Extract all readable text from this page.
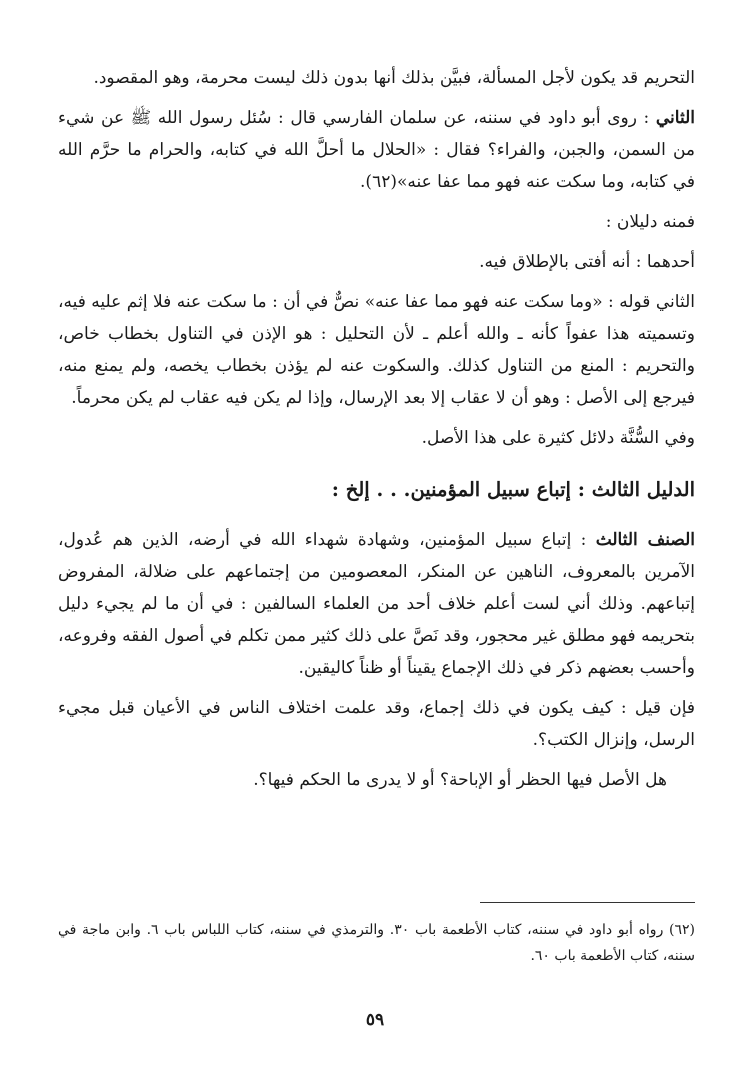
التحريم قد يكون لأجل المسألة، فبيَّن بذلك أنها بدون ذلك ليست محرمة، وهو المقصود.

الثاني : روى أبو داود في سننه، عن سلمان الفارسي قال : سُئل رسول الله ﷺ عن شيء من السمن، والجبن، والفراء؟ فقال : «الحلال ما أحلَّ الله في كتابه، والحرام ما حرَّم الله في كتابه، وما سكت عنه فهو مما عفا عنه»(٦٢).

فمنه دليلان :

أحدهما : أنه أفتى بالإطلاق فيه.

الثاني قوله : «وما سكت عنه فهو مما عفا عنه» نصٌّ في أن : ما سكت عنه فلا إثم عليه فيه، وتسميته هذا عفواً كأنه ـ والله أعلم ـ لأن التحليل : هو الإذن في التناول بخطاب خاص، والتحريم : المنع من التناول كذلك. والسكوت عنه لم يؤذن بخطاب يخصه، ولم يمنع منه، فيرجع إلى الأصل : وهو أن لا عقاب إلا بعد الإرسال، وإذا لم يكن فيه عقاب لم يكن محرماً.

وفي السُّنَّة دلائل كثيرة على هذا الأصل.

الدليل الثالث : إتباع سبيل المؤمنين. . . إلخ :

الصنف الثالث : إتباع سبيل المؤمنين، وشهادة شهداء الله في أرضه، الذين هم عُدول، الآمرين بالمعروف، الناهين عن المنكر، المعصومين من إجتماعهم على ضلالة، المفروض إتباعهم. وذلك أني لست أعلم خلاف أحد من العلماء السالفين : في أن ما لم يجيء دليل بتحريمه فهو مطلق غير محجور، وقد نَصَّ على ذلك كثير ممن تكلم في أصول الفقه وفروعه، وأحسب بعضهم ذكر في ذلك الإجماع يقيناً أو ظناً كاليقين.

فإن قيل : كيف يكون في ذلك إجماع، وقد علمت اختلاف الناس في الأعيان قبل مجيء الرسل، وإنزال الكتب؟.

هل الأصل فيها الحظر أو الإباحة؟ أو لا يدرى ما الحكم فيها؟.

(٦٢) رواه أبو داود في سننه، كتاب الأطعمة باب ٣٠. والترمذي في سننه، كتاب اللباس باب ٦. وابن ماجة في سننه، كتاب الأطعمة باب ٦٠.

٥٩
